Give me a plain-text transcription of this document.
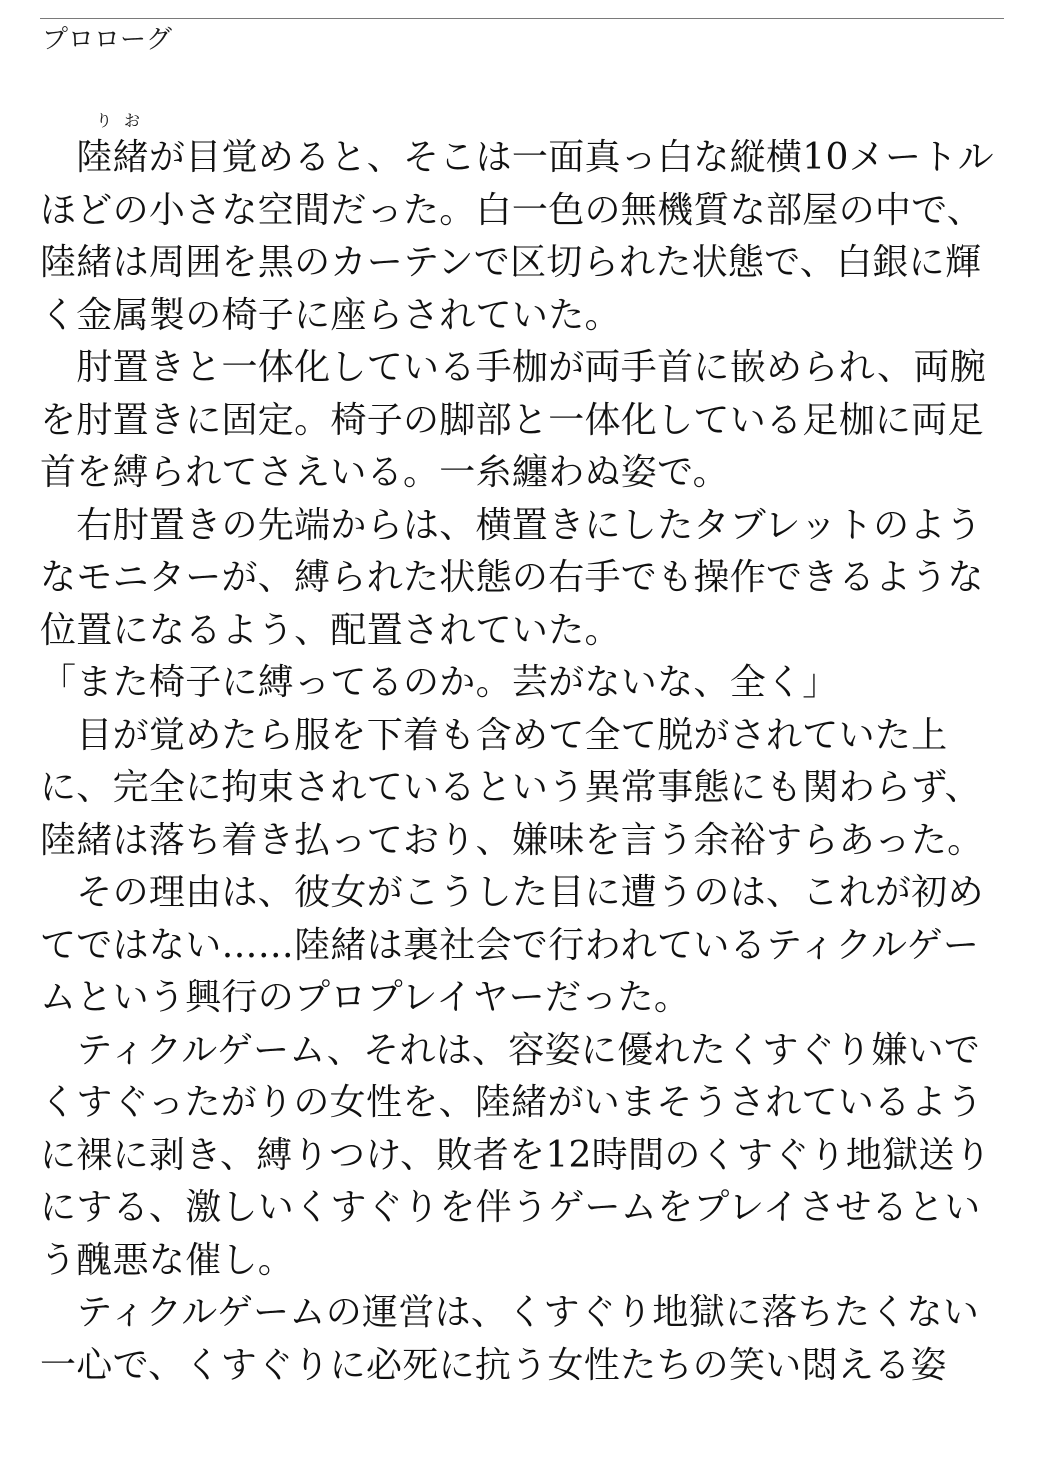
プロローグ
りお
　陸緒が目覚めると、そこは一面真っ白な縦横10メートル
ほどの小さな空間だった。白一色の無機質な部屋の中で、
陸緒は周囲を黒のカーテンで区切られた状態で、白銀に輝
く金属製の椅子に座らされていた。
　肘置きと一体化している手枷が両手首に嵌められ、両腕
を肘置きに固定。椅子の脚部と一体化している足枷に両足
首を縛られてさえいる。一糸纏わぬ姿で。
　右肘置きの先端からは、横置きにしたタブレットのよう
なモニターが、縛られた状態の右手でも操作できるような
位置になるよう、配置されていた。
「また椅子に縛ってるのか。芸がないな、全く」
　目が覚めたら服を下着も含めて全て脱がされていた上
に、完全に拘束されているという異常事態にも関わらず、
陸緒は落ち着き払っており、嫌味を言う余裕すらあった。
　その理由は、彼女がこうした目に遭うのは、これが初め
てではない……陸緒は裏社会で行われているティクルゲー
ムという興行のプロプレイヤーだった。
　ティクルゲーム、それは、容姿に優れたくすぐり嫌いで
くすぐったがりの女性を、陸緒がいまそうされているよう
に裸に剥き、縛りつけ、敗者を12時間のくすぐり地獄送り
にする、激しいくすぐりを伴うゲームをプレイさせるとい
う醜悪な催し。
　ティクルゲームの運営は、くすぐり地獄に落ちたくない
一心で、くすぐりに必死に抗う女性たちの笑い悶える姿
